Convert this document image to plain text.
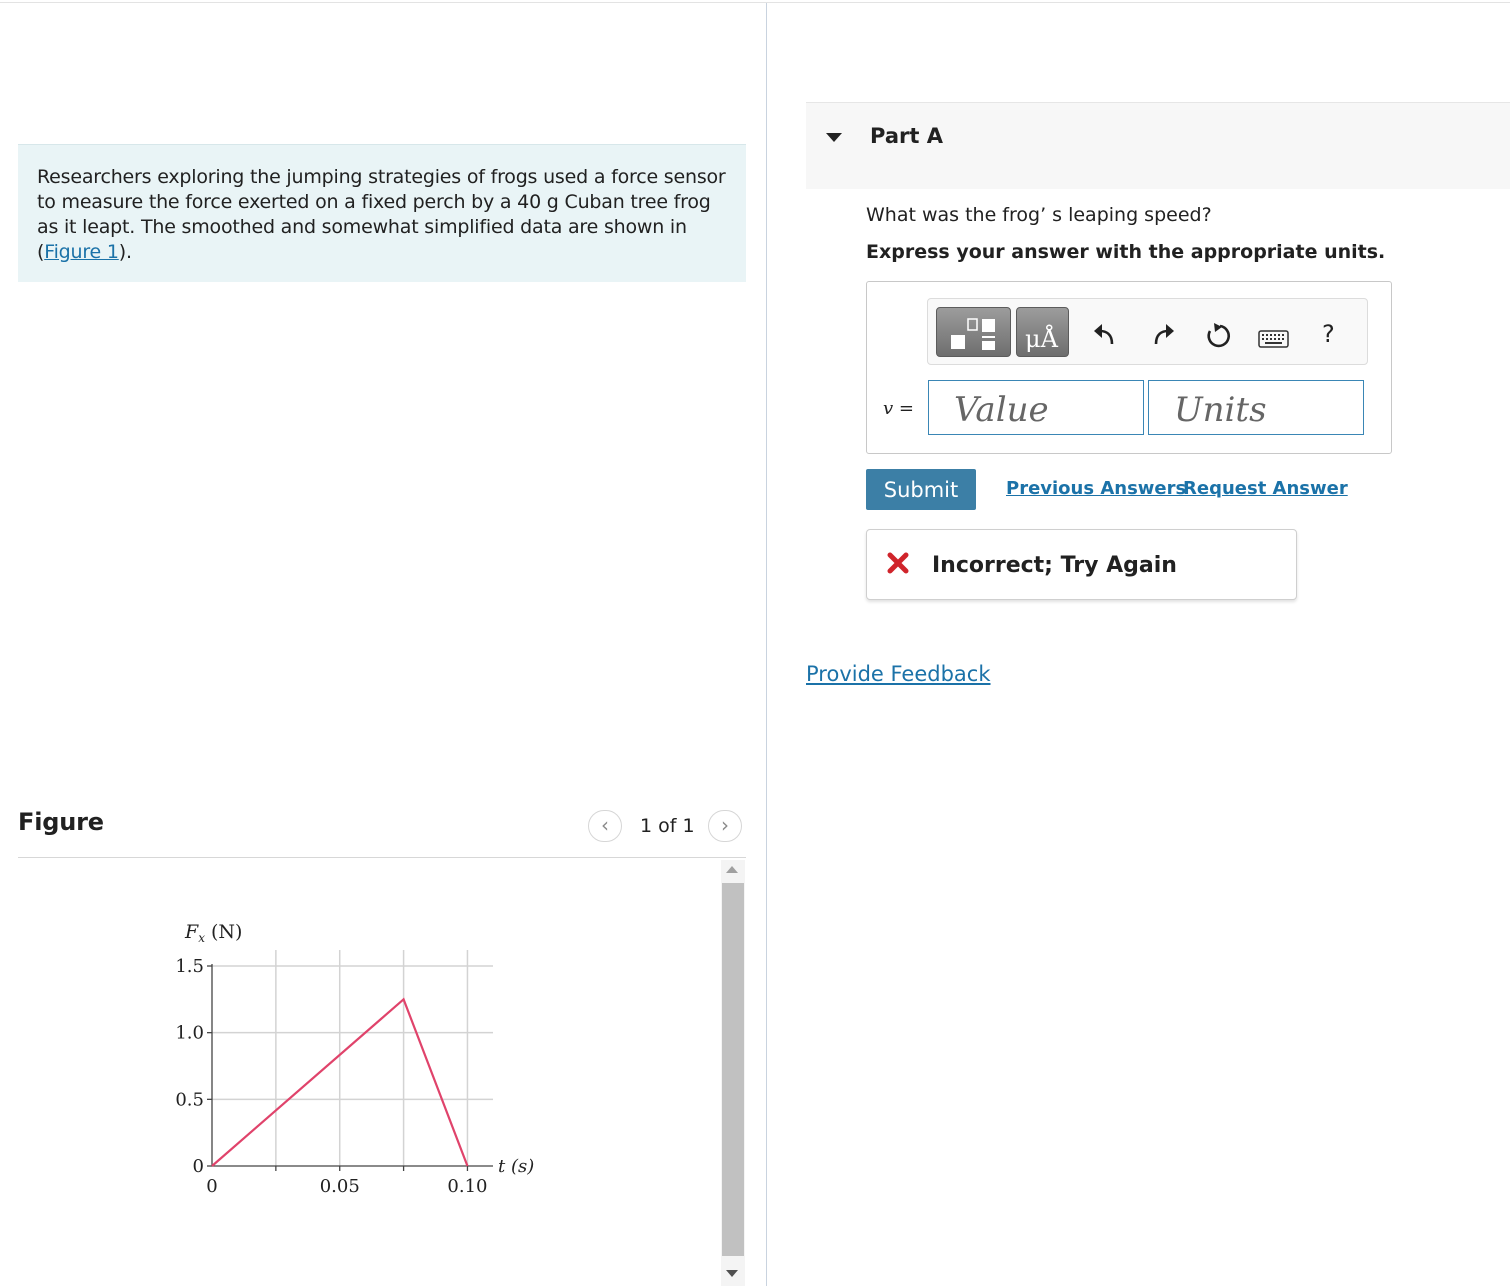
Researchers exploring the jumping strategies of frogs used a force sensor to measure the force exerted on a fixed perch by a 40 g Cuban tree frog as it leapt. The smoothed and somewhat simplified data are shown in (Figure 1).
Figure	‹	1 of 1	›
0
0.5
1.0
1.5
0	0.05	0.10
$F_x$ (N)
t (s)
Part A
What was the frog’ s leaping speed?
Express your answer with the appropriate units.
μÅ	?
v =
Value
Units
Submit	Previous Answers
Request Answer
Incorrect; Try Again
Provide Feedback
